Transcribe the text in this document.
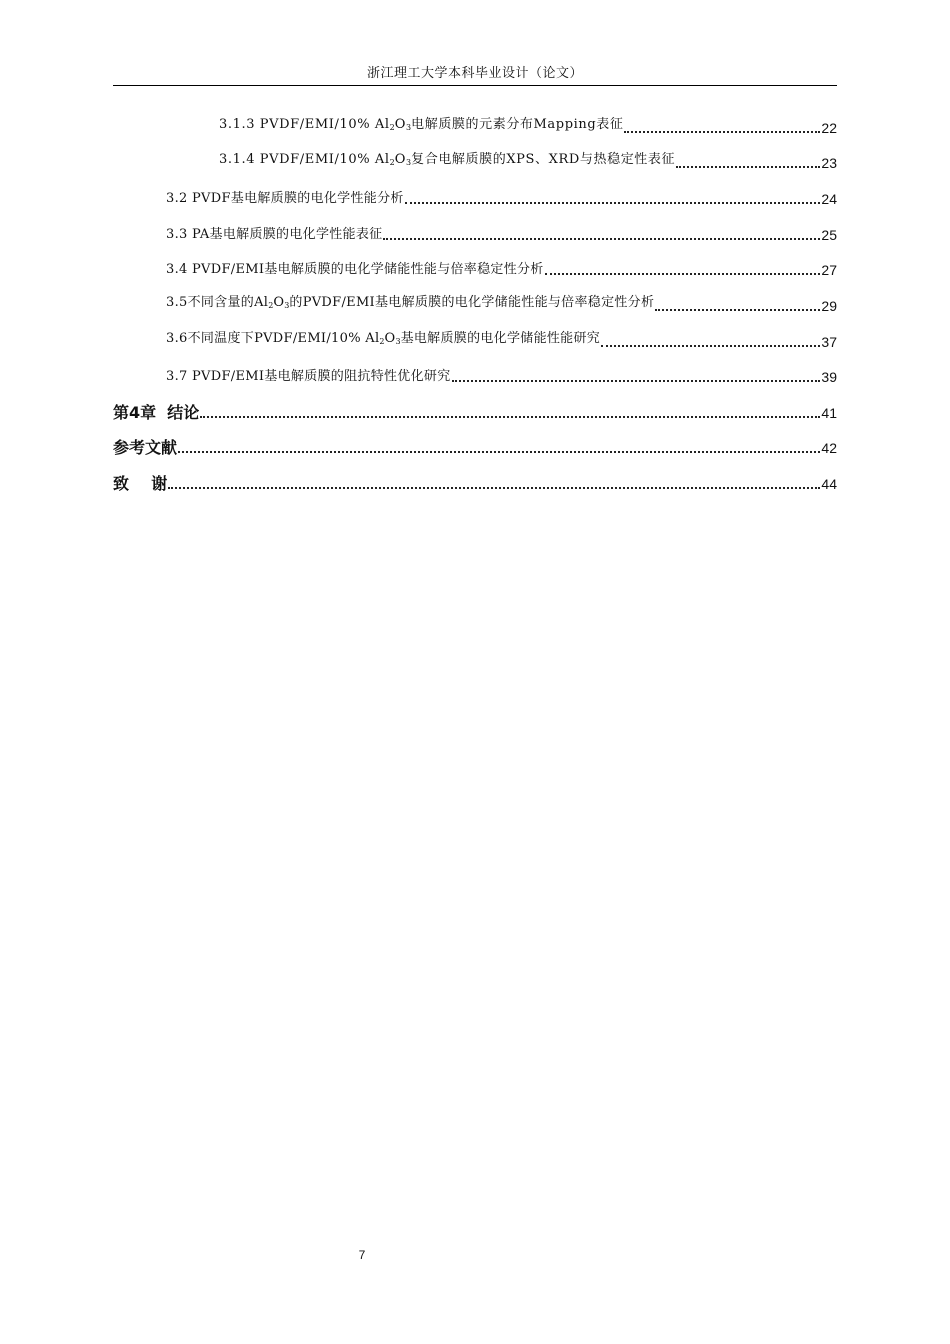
浙江理工大学本科毕业设计（论文）
3.1.3 PVDF/EMI/10% $Al_2O_3$电解质膜的元素分布Mapping表征	22
3.1.4 PVDF/EMI/10% $Al_2O_3$复合电解质膜的XPS、XRD与热稳定性表征	23
3.2 PVDF基电解质膜的电化学性能分析	24
3.3 PA基电解质膜的电化学性能表征	25
3.4 PVDF/EMI基电解质膜的电化学储能性能与倍率稳定性分析	27
3.5不同含量的$Al_2O_3$的PVDF/EMI基电解质膜的电化学储能性能与倍率稳定性分析	29
3.6不同温度下PVDF/EMI/10% $Al_2O_3$基电解质膜的电化学储能性能研究	37
3.7 PVDF/EMI基电解质膜的阻抗特性优化研究	39
第4章  结论	41
参考文献	42
致    谢	44
7
